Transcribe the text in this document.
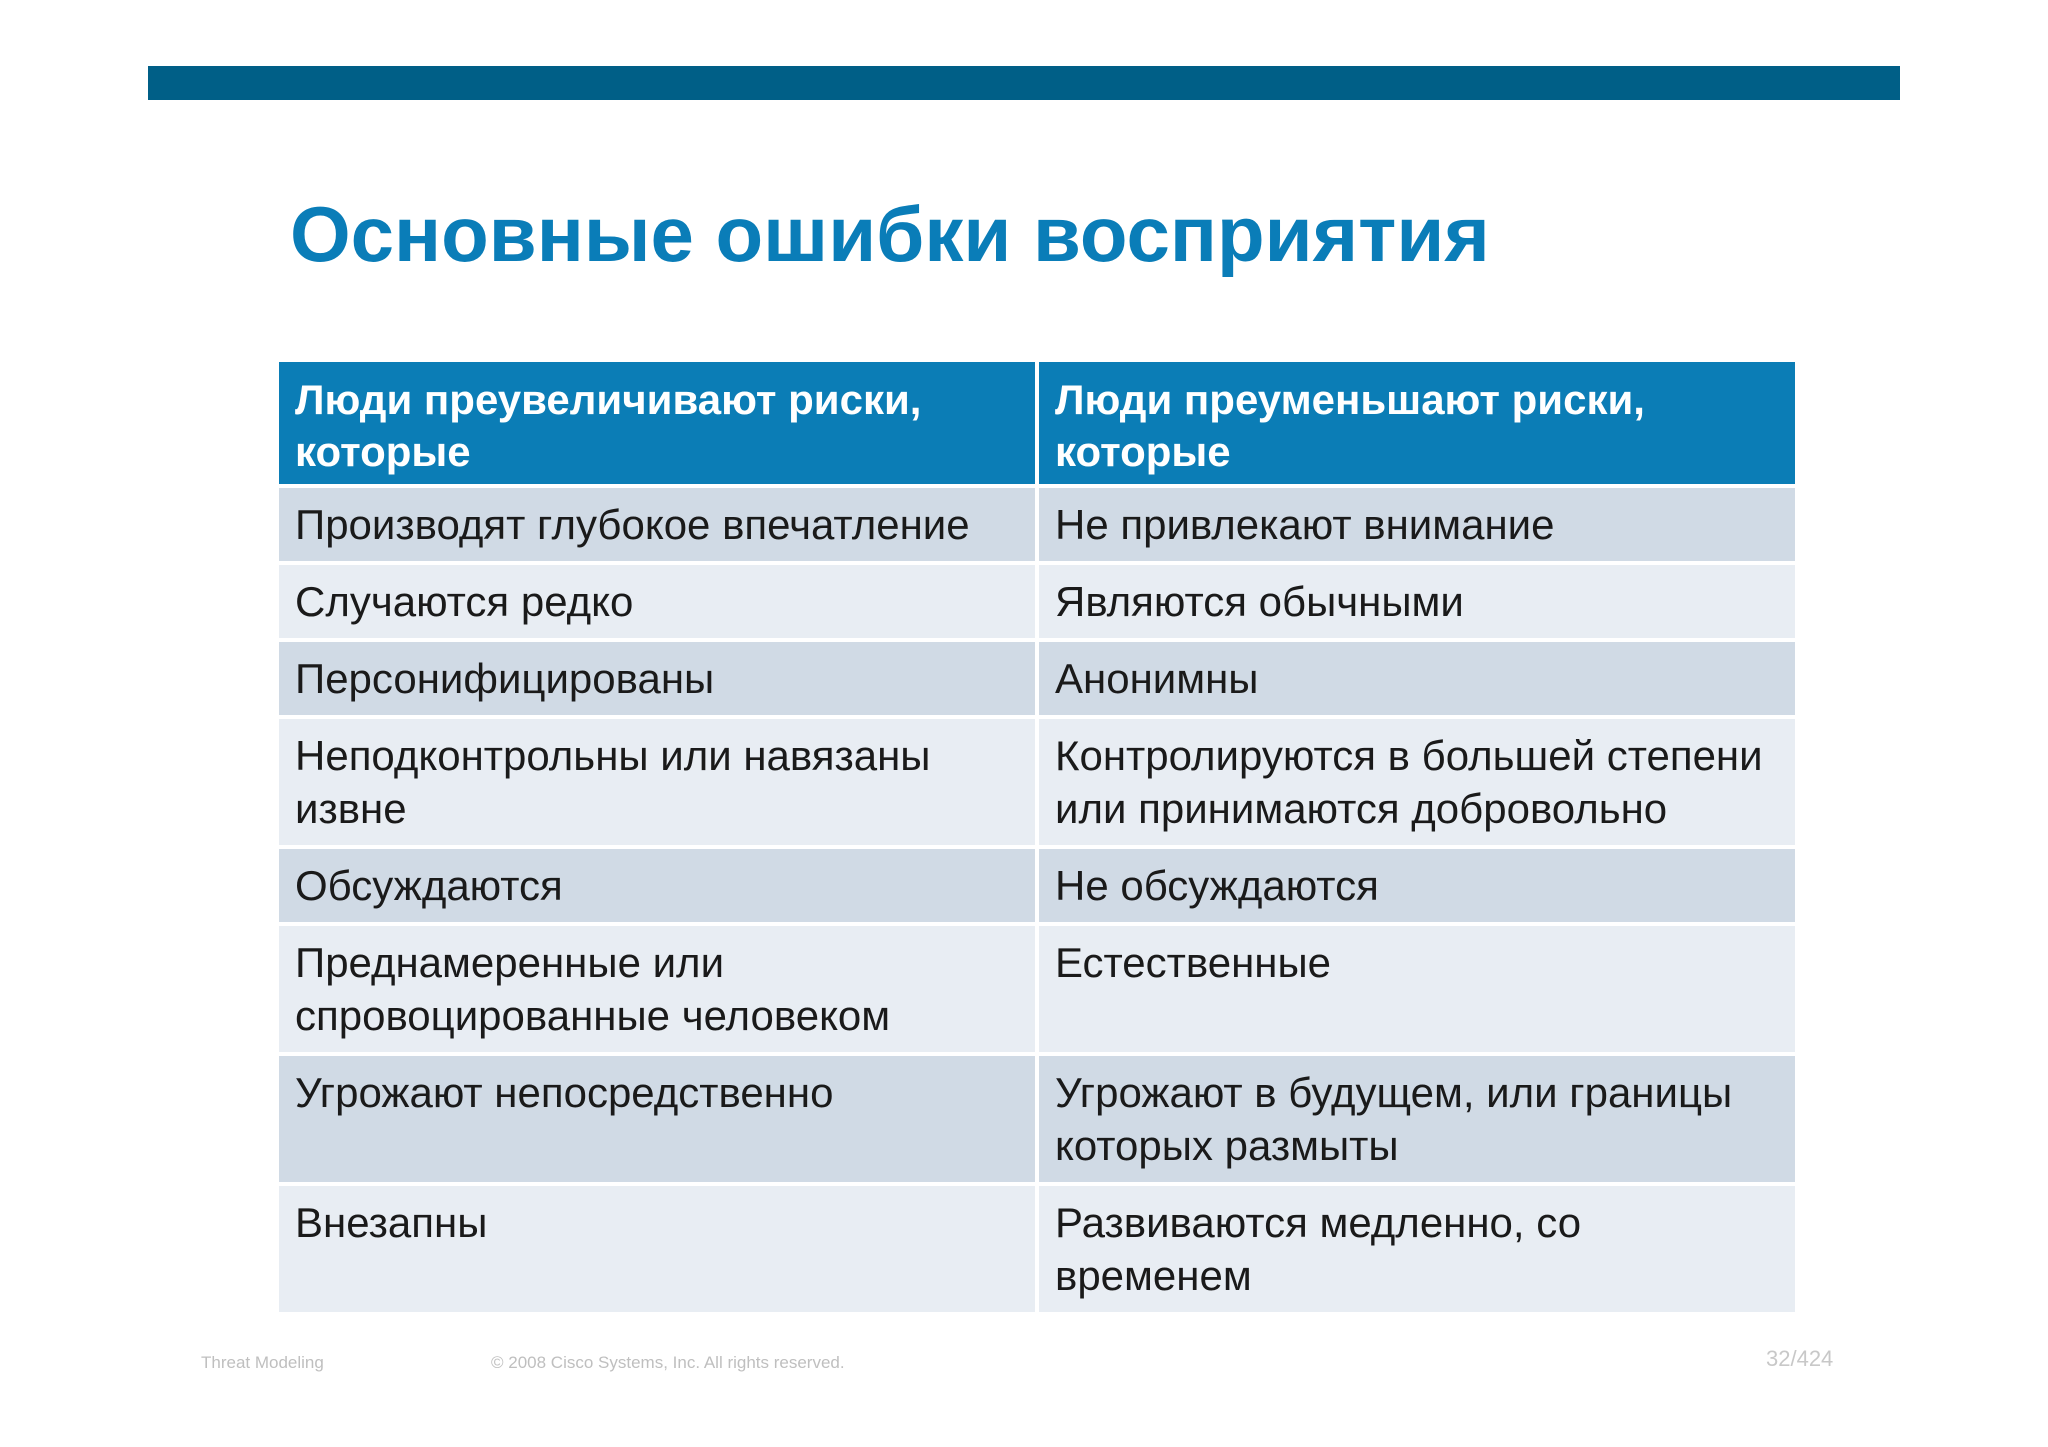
Основные ошибки восприятия
Люди преувеличивают риски, которые	Люди преуменьшают риски, которые
Производят глубокое впечатление	Не привлекают внимание
Случаются редко	Являются обычными
Персонифицированы	Анонимны
Неподконтрольны или навязаны извне	Контролируются в большей степени или принимаются добровольно
Обсуждаются	Не обсуждаются
Преднамеренные или спровоцированные человеком	Естественные
Угрожают непосредственно	Угрожают в будущем, или границы которых размыты
Внезапны	Развиваются медленно, со временем
Threat Modeling	© 2008 Cisco Systems, Inc. All rights reserved.	32/424
